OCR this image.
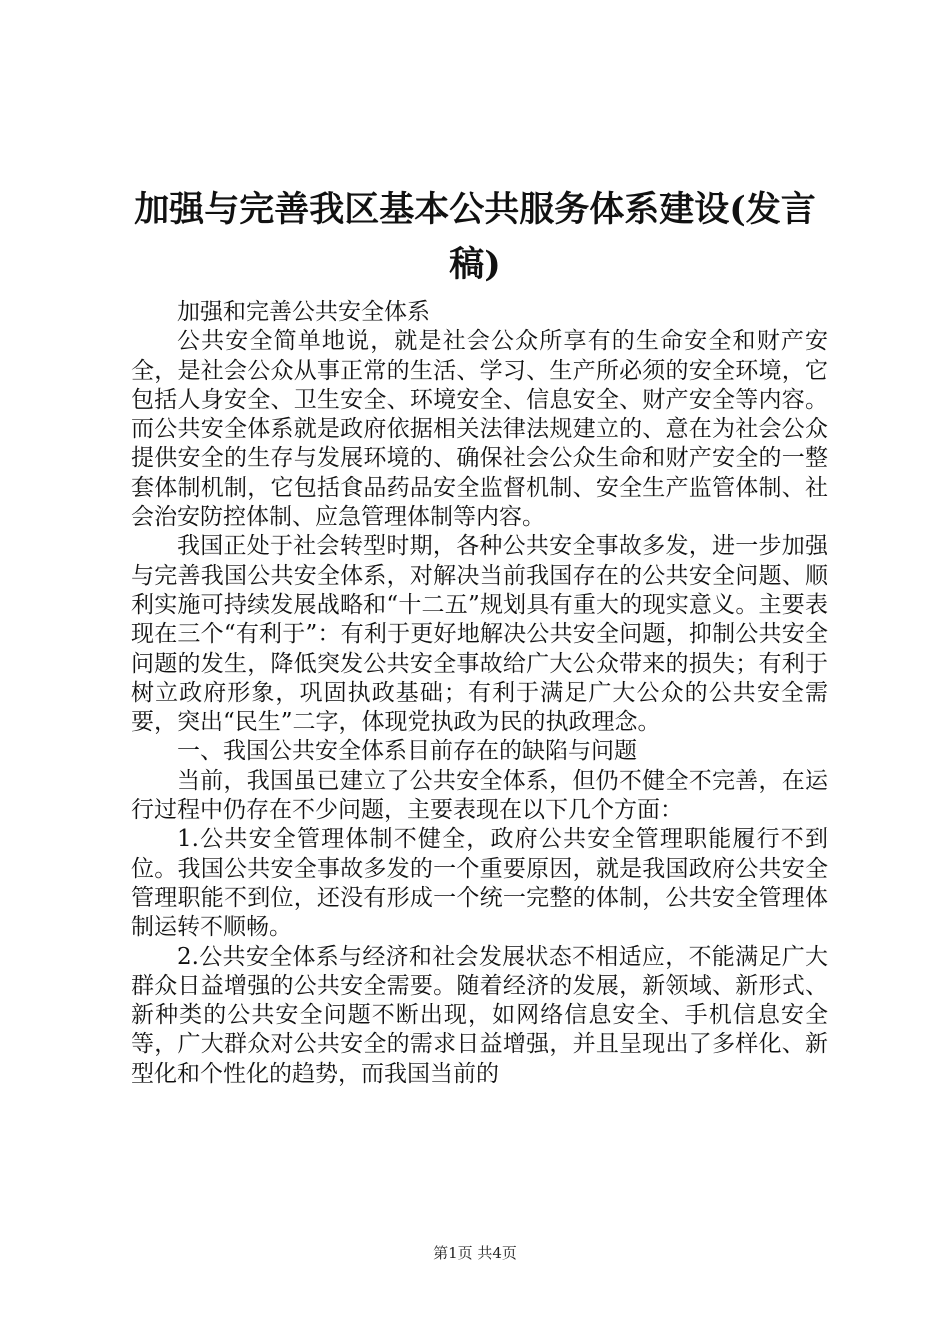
加强与完善我区基本公共服务体系建设(发言稿)

加强和完善公共安全体系

公共安全简单地说，就是社会公众所享有的生命安全和财产安全，是社会公众从事正常的生活、学习、生产所必须的安全环境，它包括人身安全、卫生安全、环境安全、信息安全、财产安全等内容。而公共安全体系就是政府依据相关法律法规建立的、意在为社会公众提供安全的生存与发展环境的、确保社会公众生命和财产安全的一整套体制机制，它包括食品药品安全监督机制、安全生产监管体制、社会治安防控体制、应急管理体制等内容。

我国正处于社会转型时期，各种公共安全事故多发，进一步加强与完善我国公共安全体系，对解决当前我国存在的公共安全问题、顺利实施可持续发展战略和“十二五”规划具有重大的现实意义。主要表现在三个“有利于”：有利于更好地解决公共安全问题，抑制公共安全问题的发生，降低突发公共安全事故给广大公众带来的损失；有利于树立政府形象，巩固执政基础；有利于满足广大公众的公共安全需要，突出“民生”二字，体现党执政为民的执政理念。

一、我国公共安全体系目前存在的缺陷与问题

当前，我国虽已建立了公共安全体系，但仍不健全不完善，在运行过程中仍存在不少问题，主要表现在以下几个方面：

1.公共安全管理体制不健全，政府公共安全管理职能履行不到位。我国公共安全事故多发的一个重要原因，就是我国政府公共安全管理职能不到位，还没有形成一个统一完整的体制，公共安全管理体制运转不顺畅。

2.公共安全体系与经济和社会发展状态不相适应，不能满足广大群众日益增强的公共安全需要。随着经济的发展，新领域、新形式、新种类的公共安全问题不断出现，如网络信息安全、手机信息安全等，广大群众对公共安全的需求日益增强，并且呈现出了多样化、新型化和个性化的趋势，而我国当前的

第1页 共4页
